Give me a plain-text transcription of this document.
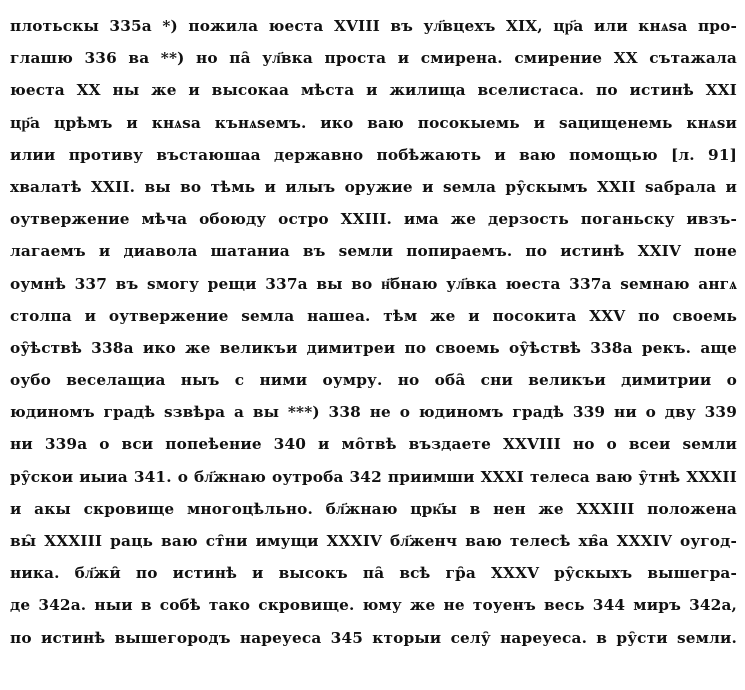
плотьскы 335а *) пожила юеста XVIII въ ул҃вцехъ XIX, цр҃а или кнѧѕа про-
глашю 336 ва **) но па̑ ул҃вка проста и смирена. смирение XX сътажала
юеста XX ны же и высокаа мѣста и жилища вселистаса. по истинѣ XXI
цр҃а црѣмъ и кнѧѕа кънѧѕемъ. ико ваю посокыемь и ѕацищенемь кнѧѕи
илии противу въстаюшаа державно побѣжають и ваю помощью [л. 91]
хвалатѣ XXII. вы во тѣмь и илыъ оружие и ѕемла ру̑скымъ XXII ѕабрала и
оутвержение мѣча обоюду остро XXIII. има же дерзость поганьску ивзъ-
лагаемъ и диавола шатаниа въ ѕемли попираемъ. по истинѣ XXIV поне
оумнѣ 337 въ ѕмогу рещи 337а вы во н҃бнаю ул҃вка юеста 337а ѕемнаю ангѧ
столпа и оутвержение ѕемла нашеа. тѣм же и посокита XXV по своемь
оу̑ѣствѣ 338а ико же великъи димитреи по своемь оу̑ѣствѣ 338а рекъ. аще
оубо веселащиа ныъ с ними оумру. но оба̑ сни великъи димитрии о
юдиномъ градѣ ѕзвѣра а вы ***) 338 не о юдиномъ градѣ 339 ни о дву 339
ни 339а о вси попеѣение 340 и мо̑твѣ въздаете XXVIII но о всеи ѕемли
ру̑скои иыиа 341. о бл҃жнаю оутроба 342 приимши XXXI телеса ваю у̑тнѣ XXXII
и акы скровище многоцѣльно. бл҃жнаю црк҃ы в нен же XXXIII положена
вы̑ XXXIII раць ваю ст̑ни имущи XXXIV бл҃женч ваю телесѣ хв̑а XXXIV оугод-
ника. бл҃жи̑ по истинѣ и высокъ па̑ всѣ гр̑а XXXV ру̑скыхъ вышегра-
де 342а. ныи в собѣ тако скровище. юму же не тоуенъ весь 344 миръ 342а,
по истинѣ вышегородъ нареуеса 345 кторыи селу̑ нареуеса. в ру̑сти ѕемли.
